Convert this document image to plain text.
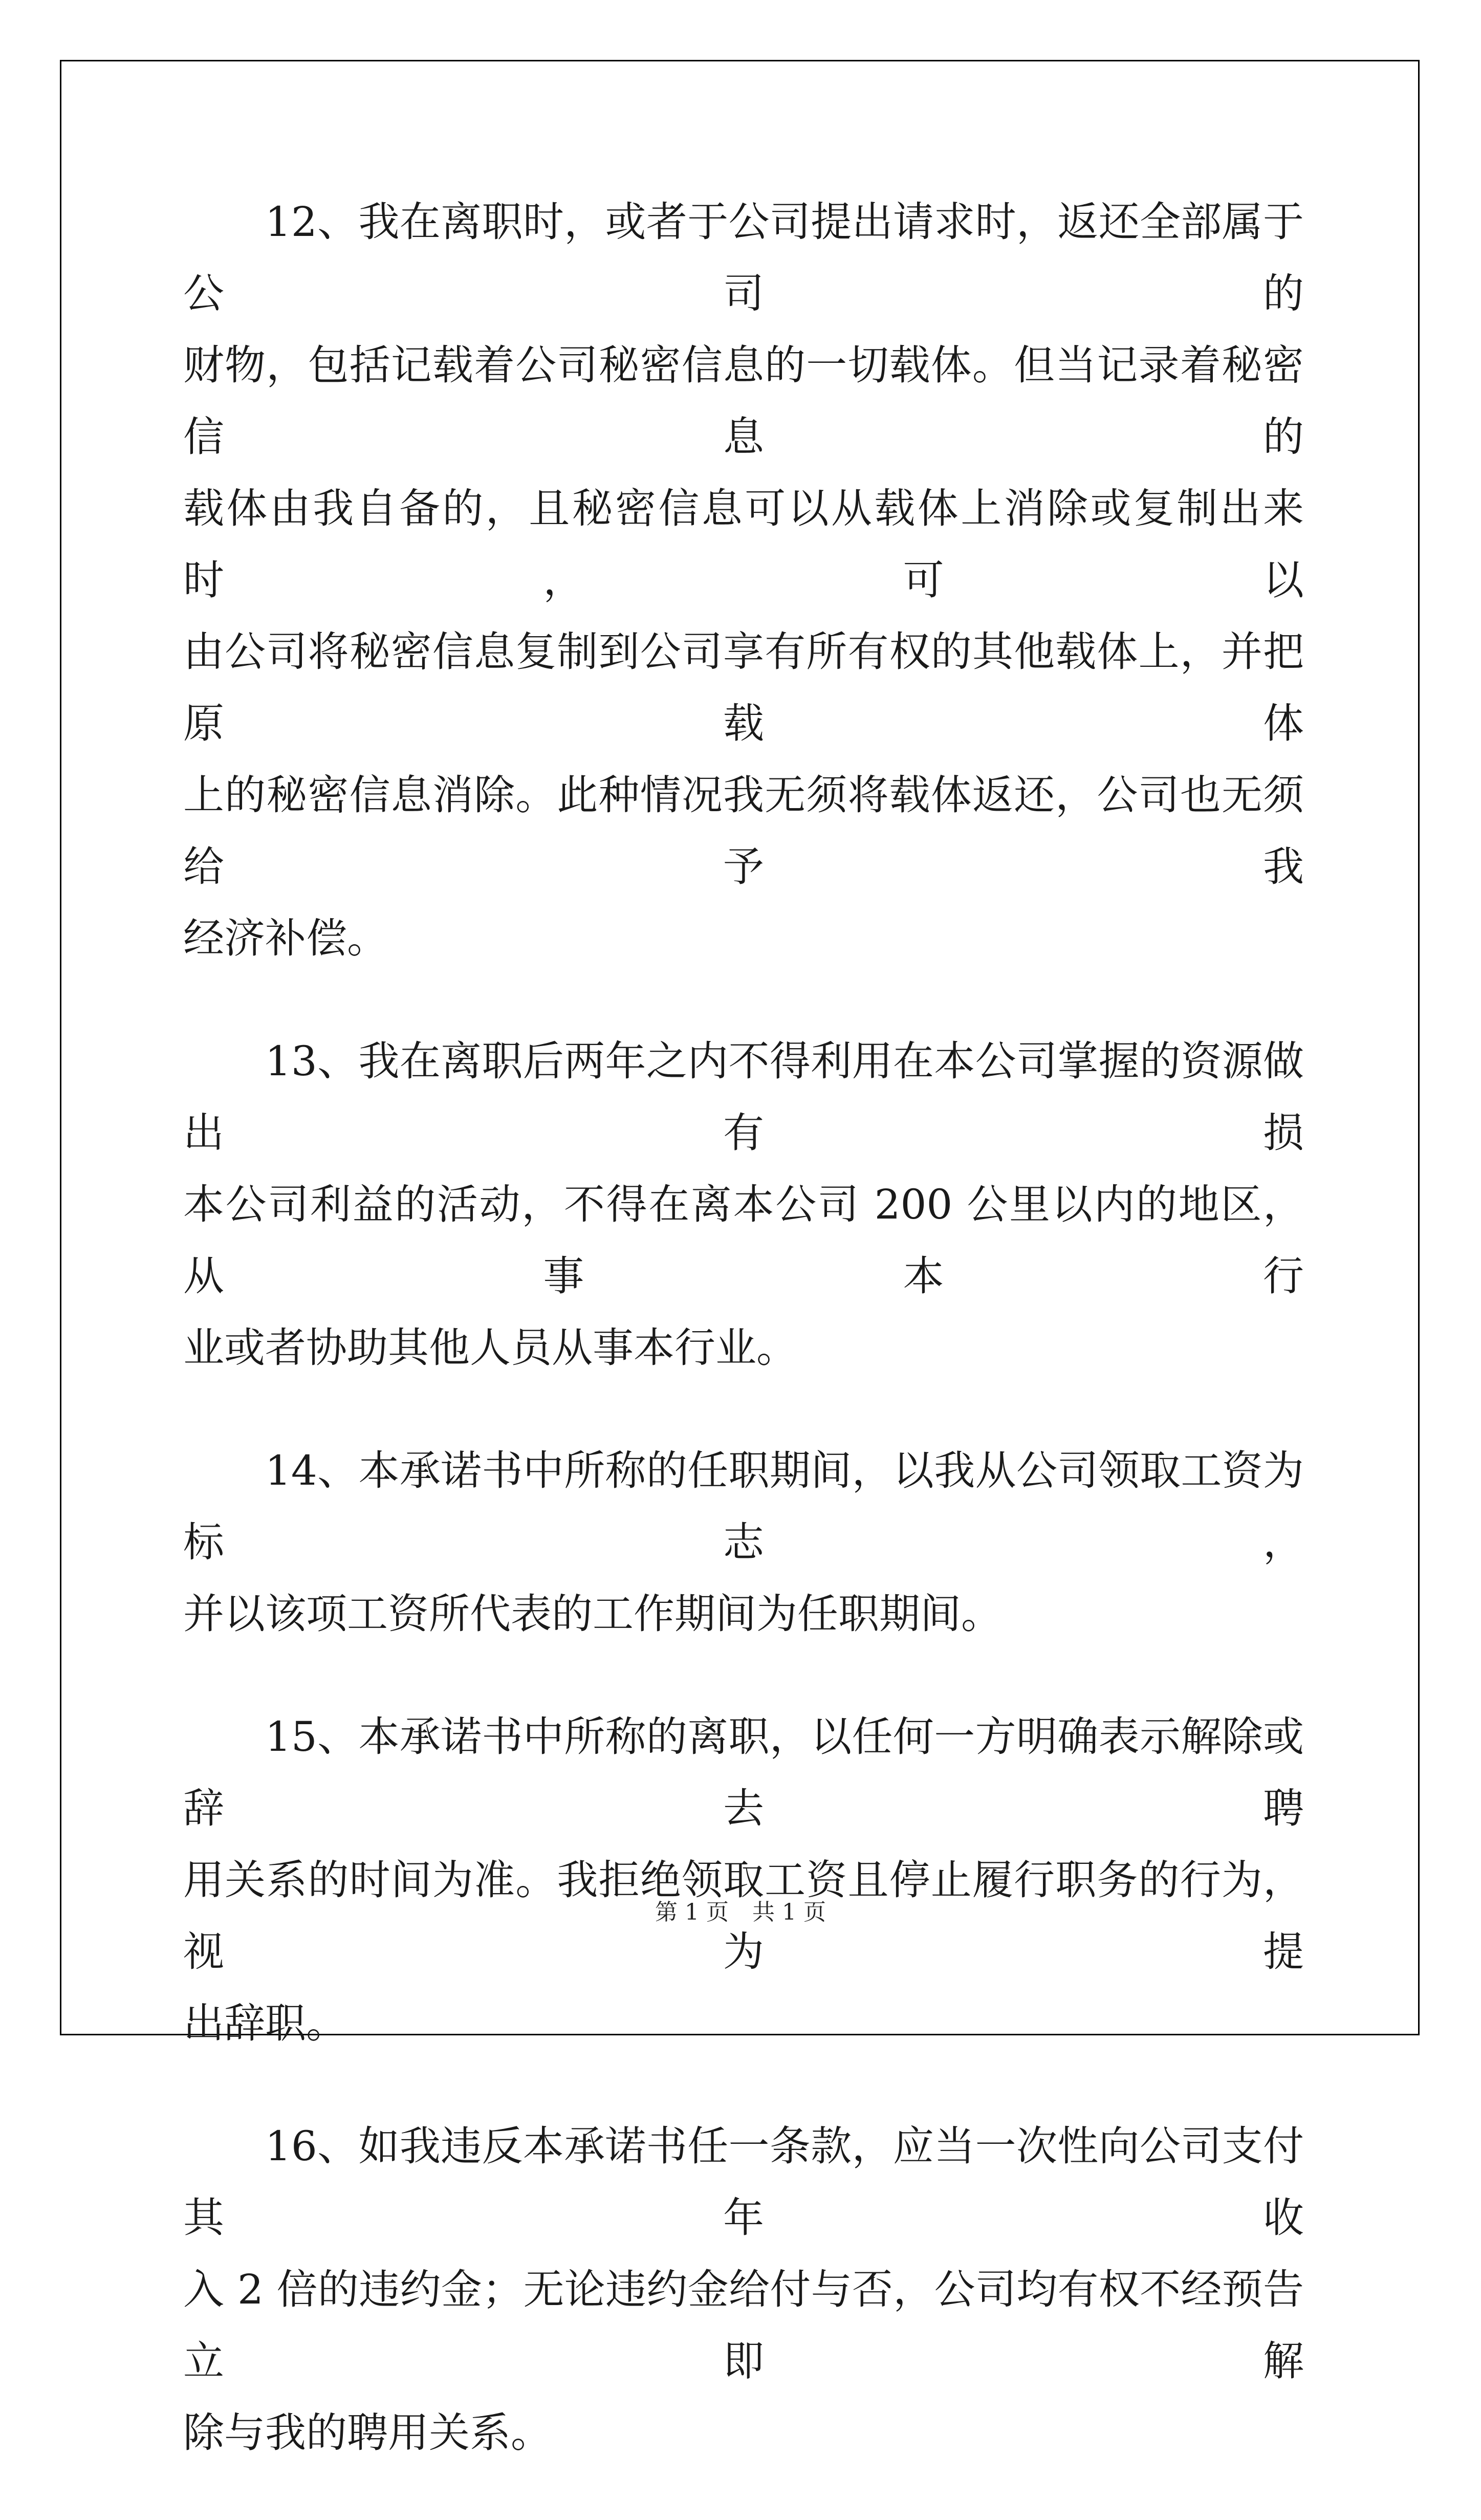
12、我在离职时，或者于公司提出请求时，返还全部属于公司的
财物，包括记载着公司秘密信息的一切载体。但当记录着秘密信息的
载体由我自备的，且秘密信息可以从载体上消除或复制出来时，可以
由公司将秘密信息复制到公司享有所有权的其他载体上，并把原载体
上的秘密信息消除。此种情况我无须将载体返还，公司也无须给予我
经济补偿。

13、我在离职后两年之内不得利用在本公司掌握的资源做出有损
本公司利益的活动，不得在离本公司 200 公里以内的地区，从事本行
业或者协助其他人员从事本行业。

14、本承诺书中所称的任职期间，以我从公司领取工资为标志，
并以该项工资所代表的工作期间为任职期间。

15、本承诺书中所称的离职，以任何一方明确表示解除或辞去聘
用关系的时间为准。我拒绝领取工资且停止履行职务的行为，视为提
出辞职。

16、如我违反本承诺书任一条款，应当一次性向公司支付其年收
入 2 倍的违约金；无论违约金给付与否，公司均有权不经预告立即解
除与我的聘用关系。

第 1 页 共 1 页
